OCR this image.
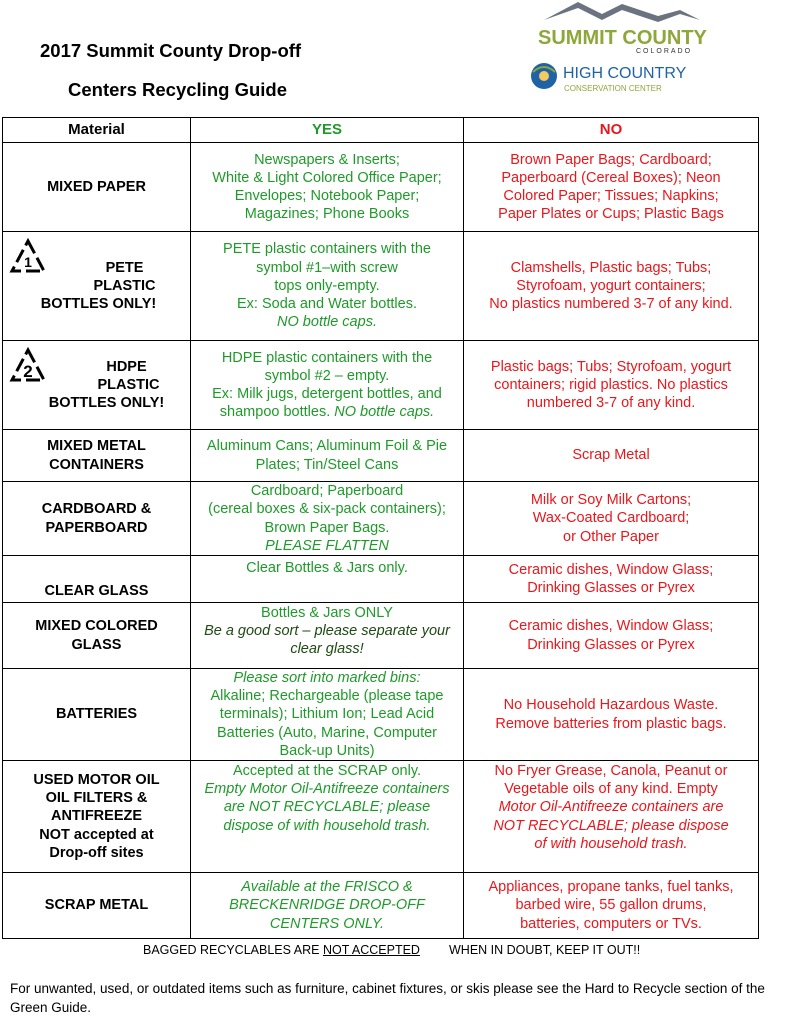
2017 Summit County Drop-off
Centers Recycling Guide
SUMMIT COUNTY
COLORADO
HIGH COUNTRY
CONSERVATION CENTER
Material	YES	NO
MIXED PAPER	Newspapers & Inserts;
White & Light Colored Office Paper;
Envelopes; Notebook Paper;
Magazines; Phone Books	Brown Paper Bags; Cardboard;
Paperboard (Cereal Boxes); Neon
Colored Paper; Tissues; Napkins;
Paper Plates or Cups; Plastic Bags

1 PETE
PLASTIC
BOTTLES ONLY!	PETE plastic containers with the
symbol #1–with screw
tops only-empty.
Ex: Soda and Water bottles.
NO bottle caps.	Clamshells, Plastic bags; Tubs;
Styrofoam, yogurt containers;
No plastics numbered 3-7 of any kind.

2 HDPE
PLASTIC
BOTTLES ONLY!	HDPE plastic containers with the
symbol #2 – empty.
Ex: Milk jugs, detergent bottles, and
shampoo bottles. NO bottle caps.	Plastic bags; Tubs; Styrofoam, yogurt
containers; rigid plastics. No plastics
numbered 3-7 of any kind.

MIXED METAL
CONTAINERS	Aluminum Cans; Aluminum Foil & Pie
Plates; Tin/Steel Cans	Scrap Metal

CARDBOARD &
PAPERBOARD	Cardboard; Paperboard
(cereal boxes & six-pack containers);
Brown Paper Bags.
PLEASE FLATTEN	Milk or Soy Milk Cartons;
Wax-Coated Cardboard;
or Other Paper

CLEAR GLASS	Clear Bottles & Jars only.	Ceramic dishes, Window Glass;
Drinking Glasses or Pyrex

MIXED COLORED
GLASS	Bottles & Jars ONLY
Be a good sort – please separate your
clear glass!	Ceramic dishes, Window Glass;
Drinking Glasses or Pyrex

BATTERIES	Please sort into marked bins:
Alkaline; Rechargeable (please tape
terminals); Lithium Ion; Lead Acid
Batteries (Auto, Marine, Computer
Back-up Units)	No Household Hazardous Waste.
Remove batteries from plastic bags.

USED MOTOR OIL
OIL FILTERS &
ANTIFREEZE
NOT accepted at
Drop-off sites	Accepted at the SCRAP only.
Empty Motor Oil-Antifreeze containers
are NOT RECYCLABLE; please
dispose of with household trash.	No Fryer Grease, Canola, Peanut or
Vegetable oils of any kind. Empty
Motor Oil-Antifreeze containers are
NOT RECYCLABLE; please dispose
of with household trash.

SCRAP METAL	Available at the FRISCO &
BRECKENRIDGE DROP-OFF
CENTERS ONLY.	Appliances, propane tanks, fuel tanks,
barbed wire, 55 gallon drums,
batteries, computers or TVs.
BAGGED RECYCLABLES ARE NOT ACCEPTED WHEN IN DOUBT, KEEP IT OUT!!
For unwanted, used, or outdated items such as furniture, cabinet fixtures, or skis please see the Hard to Recycle section of the Green Guide.
